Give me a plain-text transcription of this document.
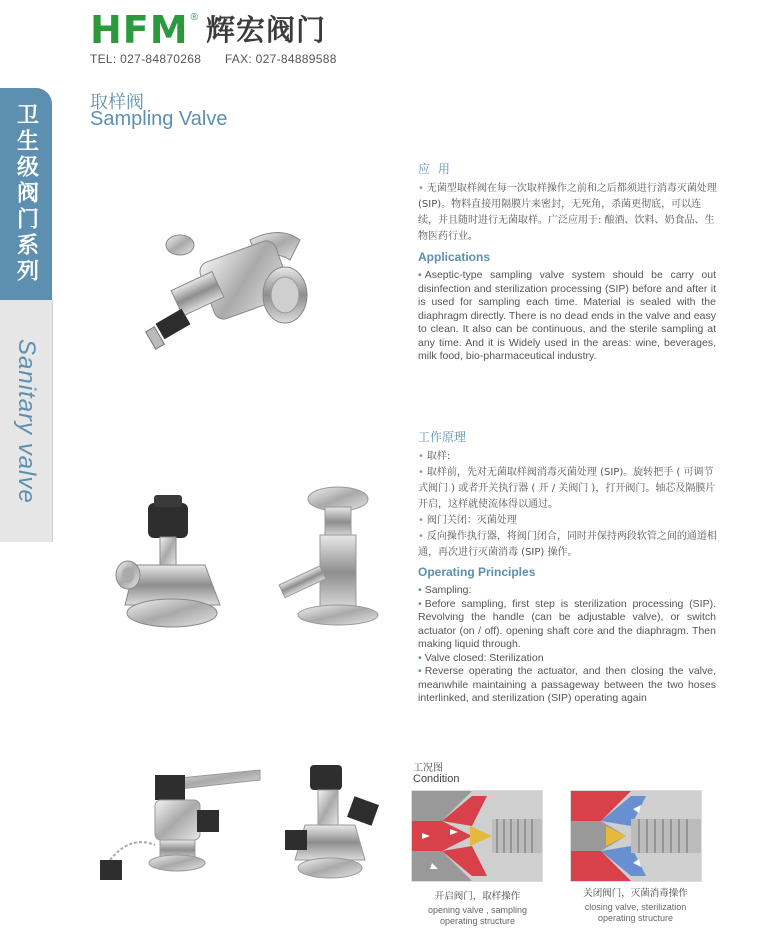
HFM ® 辉宏阀门
TEL: 027-84870268 FAX: 027-84889588
卫生级阀门系列
Sanitary valve
取样阀
Sampling Valve
应 用
• 无菌型取样阀在每一次取样操作之前和之后都须进行消毒灭菌处理 (SIP)。物料直接用隔膜片来密封，无死角，杀菌更彻底，可以连续，并且随时进行无菌取样。广泛应用于: 酿酒、饮料、奶食品、生物医药行业。
Applications
• Aseptic-type sampling valve system should be carry out disinfection and sterilization processing (SIP) before and after it is used for sampling each time. Material is sealed with the diaphragm directly. There is no dead ends in the valve and easy to clean. It also can be continuous, and the sterile sampling at any time. And it is Widely used in the areas: wine, beverages, milk food, bio-pharmaceutical industry.
工作原理
• 取样:
• 取样前，先对无菌取样阀消毒灭菌处理 (SIP)。旋转把手 ( 可调节式阀门 ) 或者开关执行器 ( 开 / 关阀门 )，打开阀门。轴芯及隔膜片开启，这样就使流体得以通过。
• 阀门关闭：灭菌处理
• 反向操作执行器，将阀门闭合，同时并保持两段软管之间的通道相通，再次进行灭菌消毒 (SIP) 操作。
Operating Principles
• Sampling:
• Before sampling, first step is sterilization processing (SIP). Revolving the handle (can be adjustable valve), or switch actuator (on / off). opening shaft core and the diaphragm. Then making liquid through.
• Valve closed: Sterilization
• Reverse operating the actuator, and then closing the valve, meanwhile maintaining a passageway between the two hoses interlinked, and sterilization (SIP) operating again
工况图
Condition
开启阀门，取样操作
opening valve , sampling
operating structure
关闭阀门，灭菌消毒操作
closing valve, sterilization
operating structure
